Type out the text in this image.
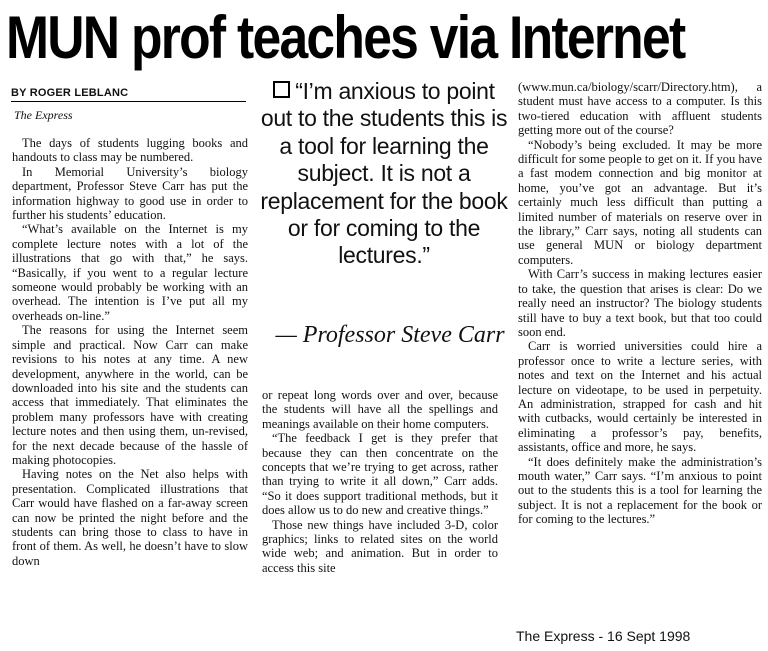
MUN prof teaches via Internet
BY ROGER LEBLANC
The Express

The days of students lugging books and handouts to class may be numbered.

In Memorial University’s biology department, Professor Steve Carr has put the information highway to good use in order to further his students’ education.

“What’s available on the Internet is my complete lecture notes with a lot of the illustrations that go with that,” he says. “Basically, if you went to a regular lecture someone would probably be working with an overhead. The intention is I’ve put all my overheads on-line.”

The reasons for using the Internet seem simple and practical. Now Carr can make revisions to his notes at any time. A new development, anywhere in the world, can be downloaded into his site and the students can access that immediately. That eliminates the problem many professors have with creating lecture notes and then using them, un-revised, for the next decade because of the hassle of making photocopies.

Having notes on the Net also helps with presentation. Complicated illustrations that Carr would have flashed on a far-away screen can now be printed the night before and the students can bring those to class to have in front of them. As well, he doesn’t have to slow down

“I’m anxious to point out to the students this is a tool for learning the subject. It is not a replacement for the book or for coming to the lectures.”
— Professor Steve Carr

or repeat long words over and over, because the students will have all the spellings and meanings available on their home computers.

“The feedback I get is they prefer that because they can then concentrate on the concepts that we’re trying to get across, rather than trying to write it all down,” Carr adds. “So it does support traditional methods, but it does allow us to do new and creative things.”

Those new things have included 3-D, color graphics; links to related sites on the world wide web; and animation. But in order to access this site

(www.mun.ca/biology/scarr/Directory.htm), a student must have access to a computer. Is this two-tiered education with affluent students getting more out of the course?

“Nobody’s being excluded. It may be more difficult for some people to get on it. If you have a fast modem connection and big monitor at home, you’ve got an advantage. But it’s certainly much less difficult than putting a limited number of materials on reserve over in the library,” Carr says, noting all students can use general MUN or biology department computers.

With Carr’s success in making lectures easier to take, the question that arises is clear: Do we really need an instructor? The biology students still have to buy a text book, but that too could soon end.

Carr is worried universities could hire a professor once to write a lecture series, with notes and text on the Internet and his actual lecture on videotape, to be used in perpetuity. An administration, strapped for cash and hit with cutbacks, would certainly be interested in eliminating a professor’s pay, benefits, assistants, office and more, he says.

“It does definitely make the administration’s mouth water,” Carr says. “I’m anxious to point out to the students this is a tool for learning the subject. It is not a replacement for the book or for coming to the lectures.”

The Express - 16 Sept 1998
